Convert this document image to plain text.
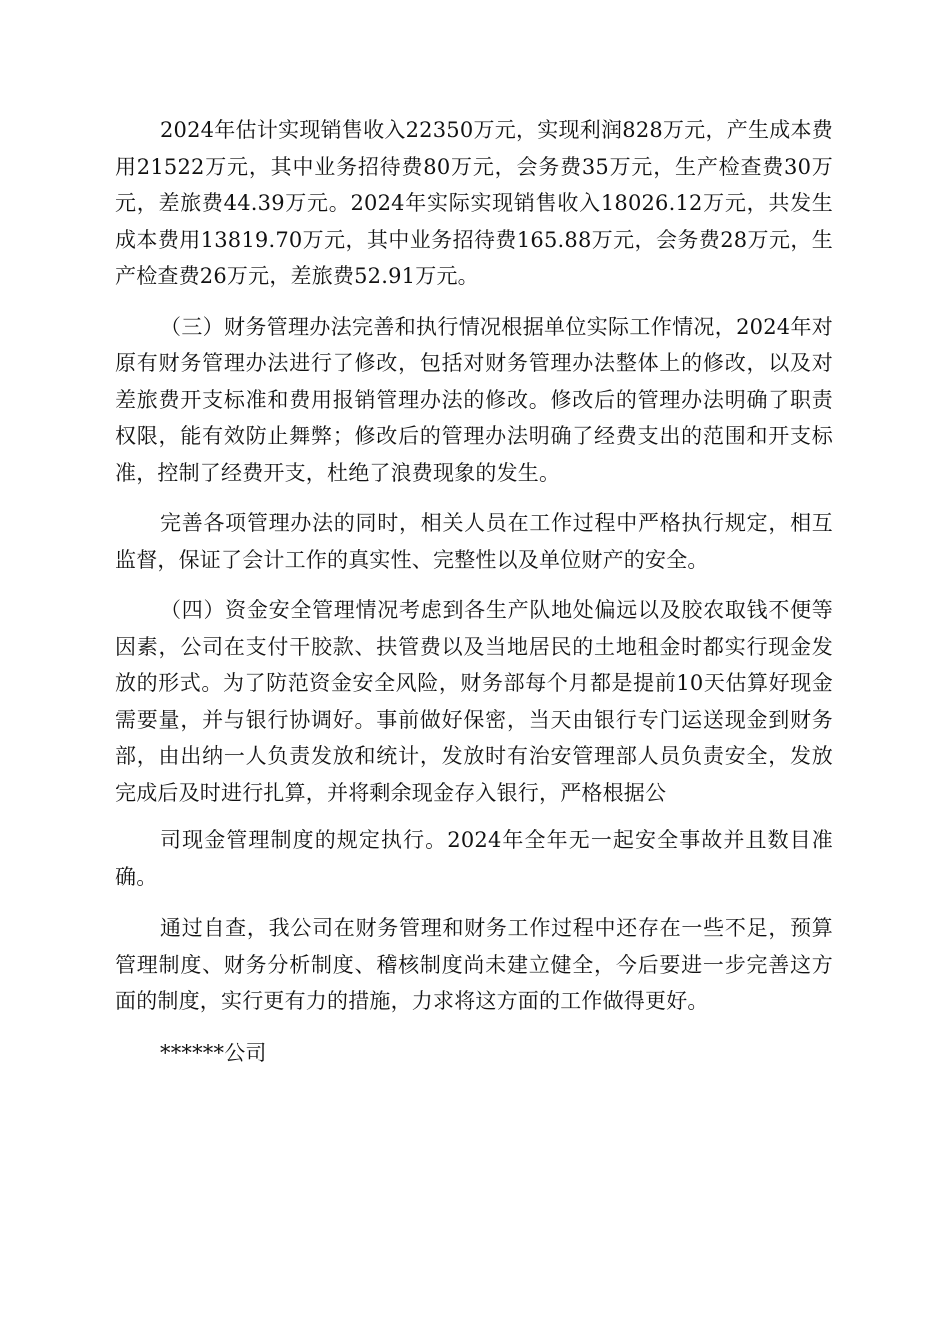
2024年估计实现销售收入22350万元，实现利润828万元，产生成本费用21522万元，其中业务招待费80万元，会务费35万元，生产检查费30万元，差旅费44.39万元。2024年实际实现销售收入18026.12万元，共发生成本费用13819.70万元，其中业务招待费165.88万元，会务费28万元，生产检查费26万元，差旅费52.91万元。

（三）财务管理办法完善和执行情况根据单位实际工作情况，2024年对原有财务管理办法进行了修改，包括对财务管理办法整体上的修改，以及对差旅费开支标准和费用报销管理办法的修改。修改后的管理办法明确了职责权限，能有效防止舞弊；修改后的管理办法明确了经费支出的范围和开支标准，控制了经费开支，杜绝了浪费现象的发生。

完善各项管理办法的同时，相关人员在工作过程中严格执行规定，相互监督，保证了会计工作的真实性、完整性以及单位财产的安全。

（四）资金安全管理情况考虑到各生产队地处偏远以及胶农取钱不便等因素，公司在支付干胶款、扶管费以及当地居民的土地租金时都实行现金发放的形式。为了防范资金安全风险，财务部每个月都是提前10天估算好现金需要量，并与银行协调好。事前做好保密，当天由银行专门运送现金到财务部，由出纳一人负责发放和统计，发放时有治安管理部人员负责安全，发放完成后及时进行扎算，并将剩余现金存入银行，严格根据公

司现金管理制度的规定执行。2024年全年无一起安全事故并且数目准确。

通过自查，我公司在财务管理和财务工作过程中还存在一些不足，预算管理制度、财务分析制度、稽核制度尚未建立健全，今后要进一步完善这方面的制度，实行更有力的措施，力求将这方面的工作做得更好。

******公司
